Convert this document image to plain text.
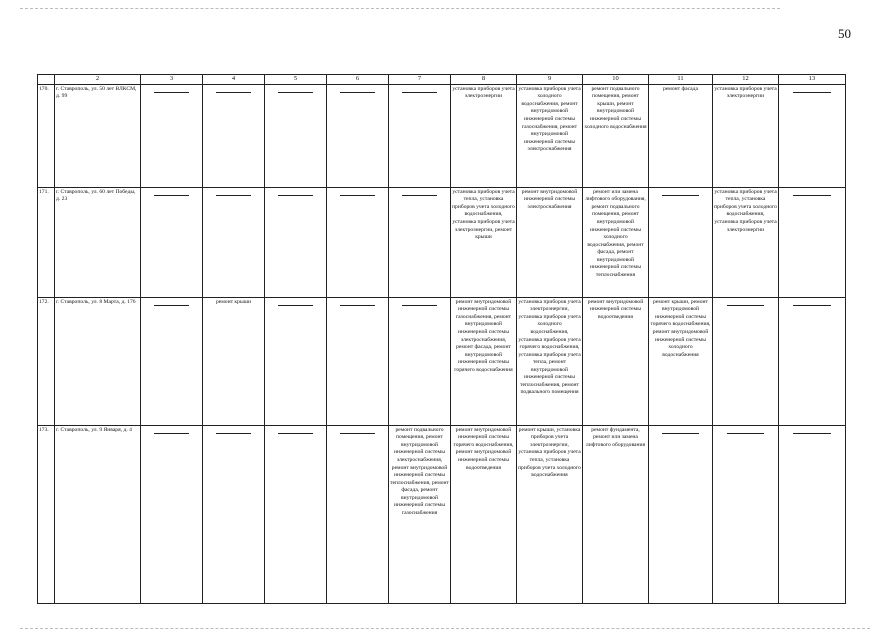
50
	2	3	4	5	6	7	8	9	10	11	12	13
170.	г. Ставрополь, ул. 50 лет ВЛКСМ, д. 99						установка приборов учета электроэнергии	установка приборов учета холодного водоснабжения, ремонт внутридомовой инженерной системы газоснабжения, ремонт внутридомовой инженерной системы электроснабжения	ремонт подвального помещения, ремонт крыши, ремонт внутридомовой инженерной системы холодного водоснабжения	ремонт фасада	установка приборов учета электроэнергии	

171.	г. Ставрополь, ул. 60 лет Победы, д. 23						установка приборов учета тепла, установка приборов учета холодного водоснабжения, установка приборов учета электроэнергии, ремонт крыши	ремонт внутридомовой инженерной системы электроснабжения	ремонт или замена лифтового оборудования, ремонт подвального помещения, ремонт внутридомовой инженерной системы холодного водоснабжения, ремонт фасада, ремонт внутридомовой инженерной системы теплоснабжения		установка приборов учета тепла, установка приборов учета холодного водоснабжения, установка приборов учета электроэнергии	

172.	г. Ставрополь, ул. 8 Марта, д. 176		ремонт крыши				ремонт внутридомовой инженерной системы газоснабжения, ремонт внутридомовой инженерной системы электроснабжения, ремонт фасада, ремонт внутридомовой инженерной системы горячего водоснабжения	установка приборов учета электроэнергии, установка приборов учета холодного водоснабжения, установка приборов учета горячего водоснабжения, установка приборов учета тепла, ремонт внутридомовой инженерной системы теплоснабжения, ремонт подвального помещения	ремонт внутридомовой инженерной системы водоотведения	ремонт крыши, ремонт внутридомовой инженерной системы горячего водоснабжения, ремонт внутридомовой инженерной системы холодного водоснабжения	

173.	г. Ставрополь, ул. 9 Января, д. 4					ремонт подвального помещения, ремонт внутридомовой инженерной системы электроснабжения, ремонт внутридомовой инженерной системы теплоснабжения, ремонт фасада, ремонт внутридомовой инженерной системы газоснабжения	ремонт внутридомовой инженерной системы горячего водоснабжения, ремонт внутридомовой инженерной системы водоотведения	ремонт крыши, установка приборов учета электроэнергии, установка приборов учета тепла, установка приборов учета холодного водоснабжения	ремонт фундамента, ремонт или замена лифтового оборудования	
